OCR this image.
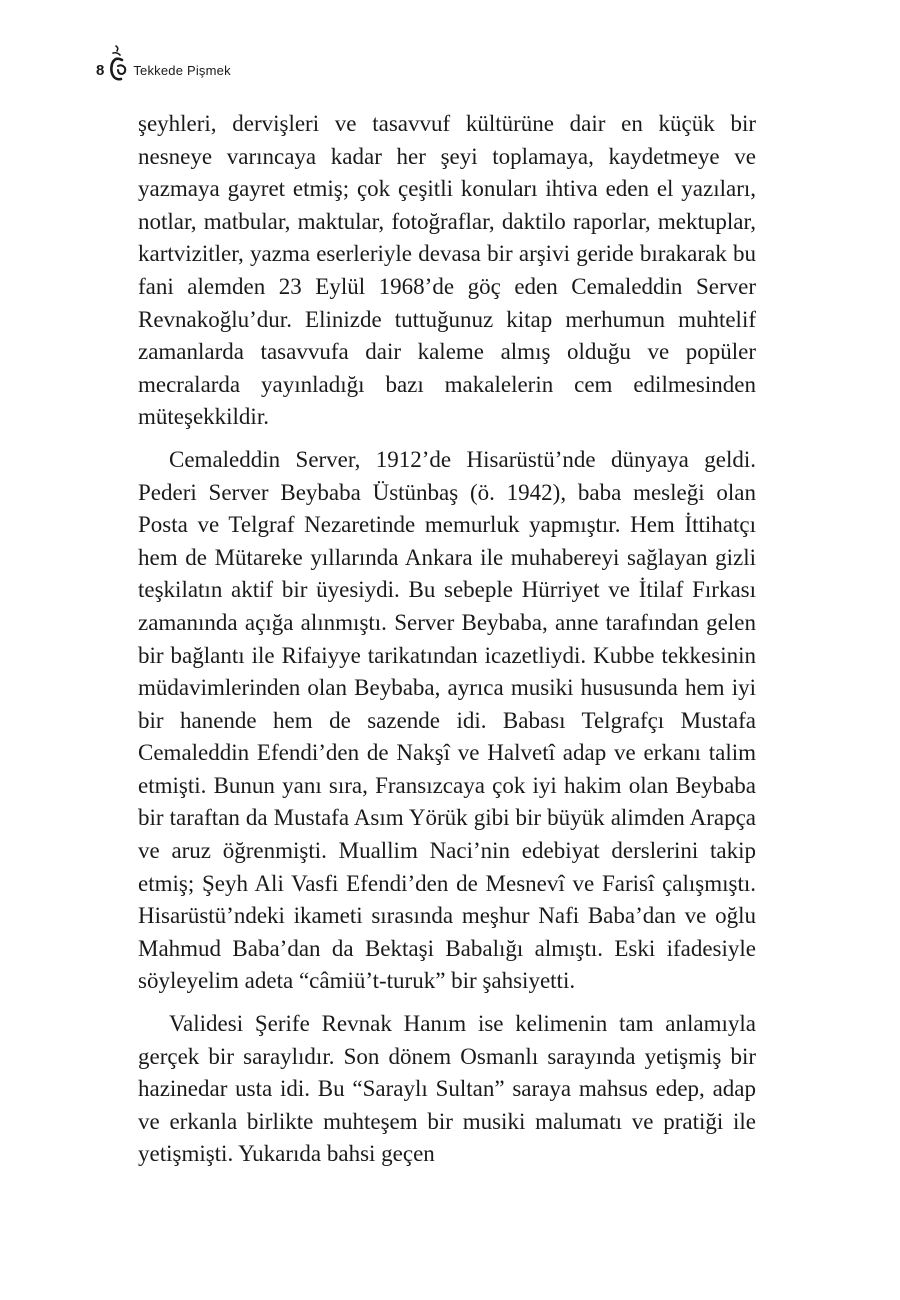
8 Tekkede Pişmek

şeyhleri, dervişleri ve tasavvuf kültürüne dair en küçük bir nesneye varıncaya kadar her şeyi toplamaya, kaydetmeye ve yazmaya gayret etmiş; çok çeşitli konuları ihtiva eden el yazıları, notlar, matbular, maktular, fotoğraflar, daktilo raporlar, mektuplar, kartvizitler, yazma eserleriyle devasa bir arşivi geride bırakarak bu fani alemden 23 Eylül 1968’de göç eden Cemaleddin Server Revnakoğlu’dur. Elinizde tuttuğunuz kitap merhumun muhtelif zamanlarda tasavvufa dair kaleme almış olduğu ve popüler mecralarda yayınladığı bazı makalelerin cem edilmesinden müteşekkildir.

Cemaleddin Server, 1912’de Hisarüstü’nde dünyaya geldi. Pederi Server Beybaba Üstünbaş (ö. 1942), baba mesleği olan Posta ve Telgraf Nezaretinde memurluk yapmıştır. Hem İttihatçı hem de Mütareke yıllarında Ankara ile muhabereyi sağlayan gizli teşkilatın aktif bir üyesiydi. Bu sebeple Hürriyet ve İtilaf Fırkası zamanında açığa alınmıştı. Server Beybaba, anne tarafından gelen bir bağlantı ile Rifaiyye tarikatından icazetliydi. Kubbe tekkesinin müdavimlerinden olan Beybaba, ayrıca musiki hususunda hem iyi bir hanende hem de sazende idi. Babası Telgrafçı Mustafa Cemaleddin Efendi’den de Nakşî ve Halvetî adap ve erkanı talim etmişti. Bunun yanı sıra, Fransızcaya çok iyi hakim olan Beybaba bir taraftan da Mustafa Asım Yörük gibi bir büyük alimden Arapça ve aruz öğrenmişti. Muallim Naci’nin edebiyat derslerini takip etmiş; Şeyh Ali Vasfi Efendi’den de Mesnevî ve Farisî çalışmıştı. Hisarüstü’ndeki ikameti sırasında meşhur Nafi Baba’dan ve oğlu Mahmud Baba’dan da Bektaşi Babalığı almıştı. Eski ifadesiyle söyleyelim adeta “câmiü’t-turuk” bir şahsiyetti.

Validesi Şerife Revnak Hanım ise kelimenin tam anlamıyla gerçek bir saraylıdır. Son dönem Osmanlı sarayında yetişmiş bir hazinedar usta idi. Bu “Saraylı Sultan” saraya mahsus edep, adap ve erkanla birlikte muhteşem bir musiki malumatı ve pratiği ile yetişmişti. Yukarıda bahsi geçen
